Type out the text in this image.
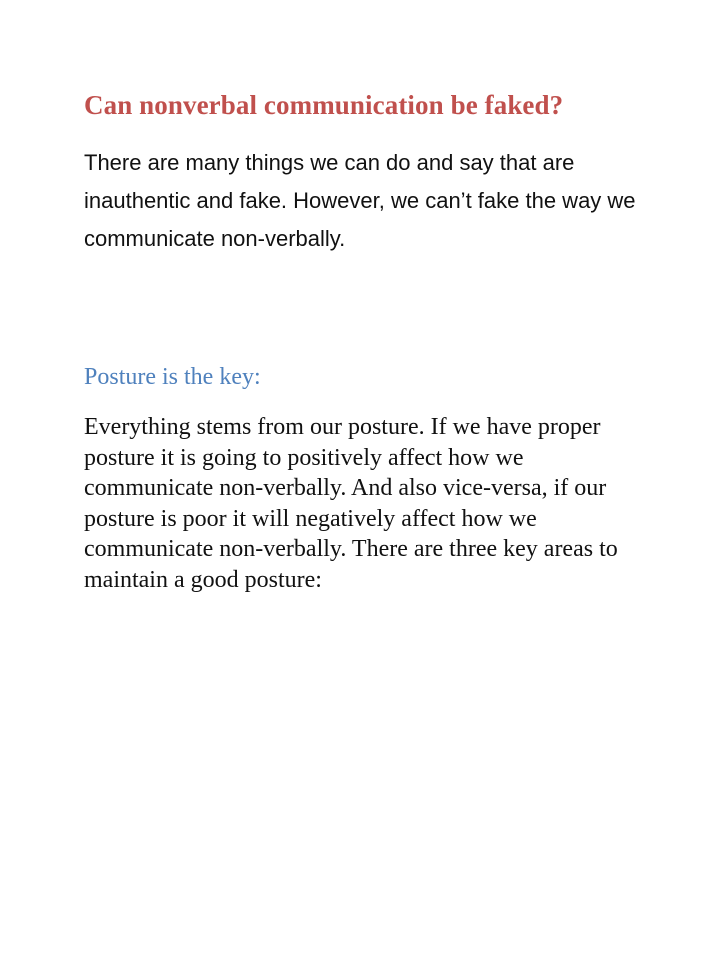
Can nonverbal communication be faked?

There are many things we can do and say that are inauthentic and fake. However, we can’t fake the way we communicate non-verbally.

Posture is the key:

Everything stems from our posture. If we have proper posture it is going to positively affect how we communicate non-verbally. And also vice-versa, if our posture is poor it will negatively affect how we communicate non-verbally. There are three key areas to maintain a good posture:
